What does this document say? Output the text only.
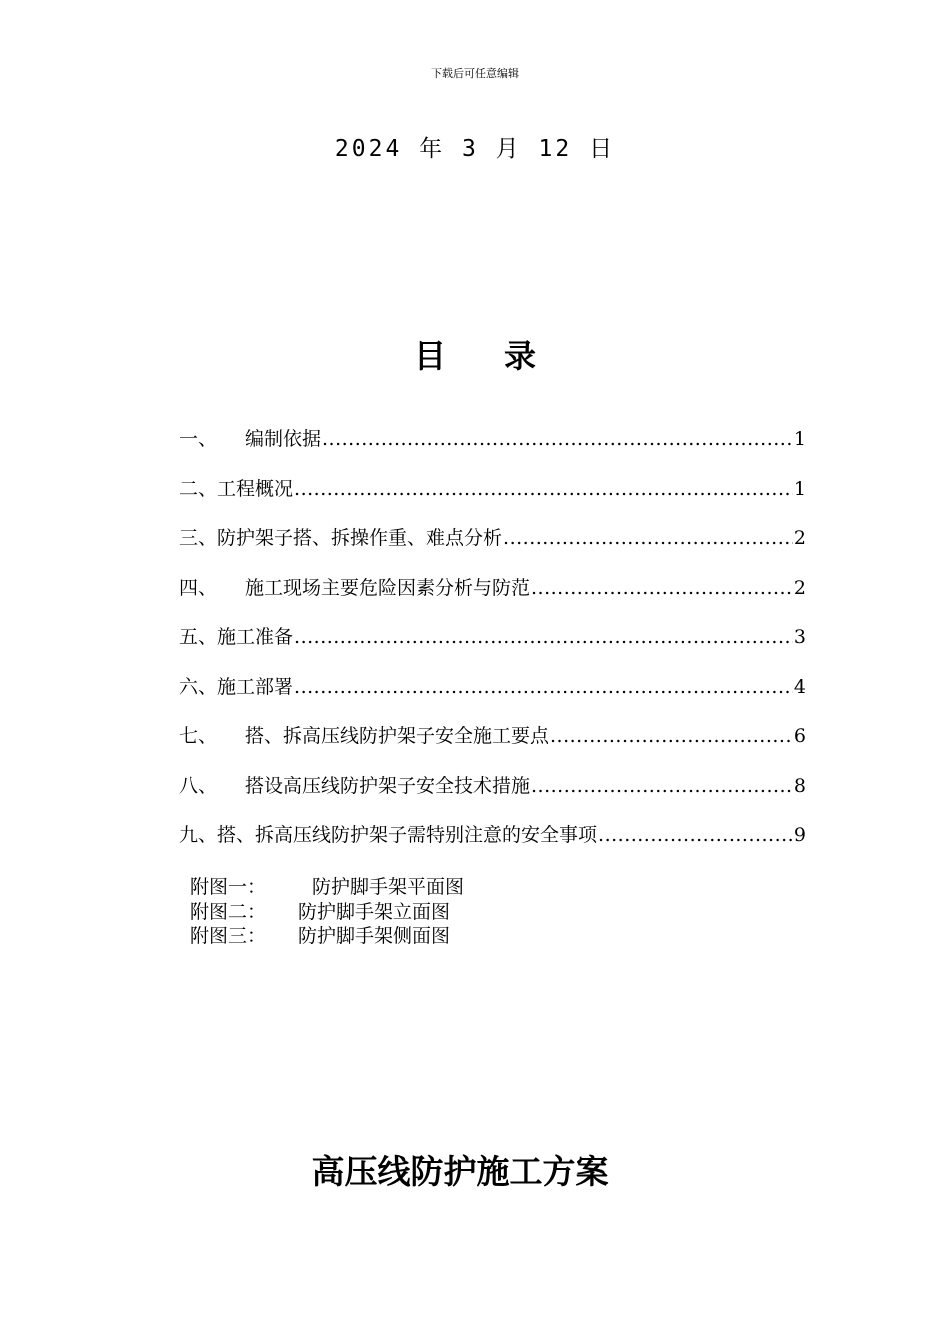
下载后可任意编辑
2024 年 3 月 12 日
目 录
一、	编制依据 .....	1
二、 工程概况 .....	1
三、 防护架子搭、拆操作重、难点分析 .....	2
四、	施工现场主要危险因素分析与防范 .....	2
五、 施工准备 .....	3
六、 施工部署 .....	4
七、	搭、拆高压线防护架子安全施工要点 .....	6
八、	搭设高压线防护架子安全技术措施 .....	8
九、 搭、拆高压线防护架子需特别注意的安全事项 .....	9
附图一：	防护脚手架平面图
附图二：	防护脚手架立面图
附图三：	防护脚手架侧面图
高压线防护施工方案
